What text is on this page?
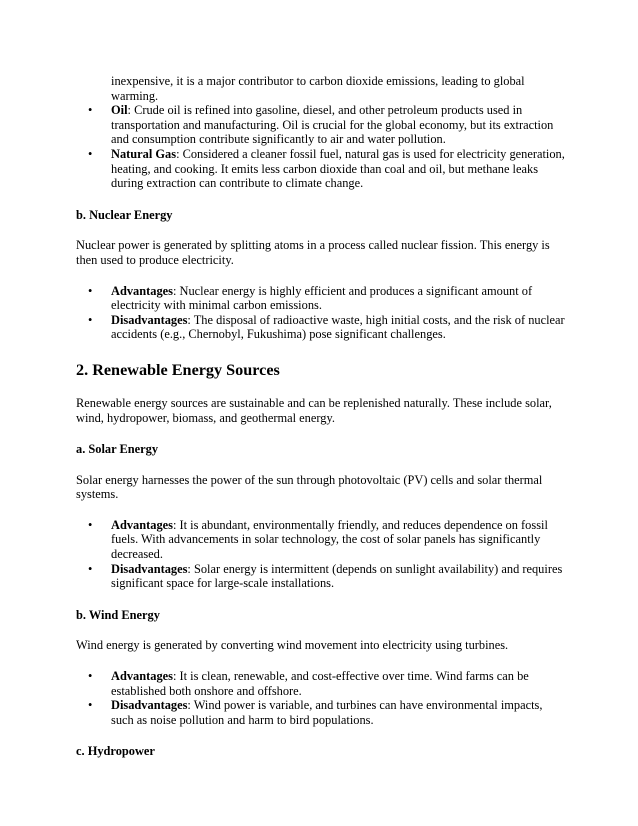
inexpensive, it is a major contributor to carbon dioxide emissions, leading to global warming.
• Oil: Crude oil is refined into gasoline, diesel, and other petroleum products used in transportation and manufacturing. Oil is crucial for the global economy, but its extraction and consumption contribute significantly to air and water pollution.
• Natural Gas: Considered a cleaner fossil fuel, natural gas is used for electricity generation, heating, and cooking. It emits less carbon dioxide than coal and oil, but methane leaks during extraction can contribute to climate change.
b. Nuclear Energy

Nuclear power is generated by splitting atoms in a process called nuclear fission. This energy is then used to produce electricity.

• Advantages: Nuclear energy is highly efficient and produces a significant amount of electricity with minimal carbon emissions.
• Disadvantages: The disposal of radioactive waste, high initial costs, and the risk of nuclear accidents (e.g., Chernobyl, Fukushima) pose significant challenges.
2. Renewable Energy Sources

Renewable energy sources are sustainable and can be replenished naturally. These include solar, wind, hydropower, biomass, and geothermal energy.

a. Solar Energy

Solar energy harnesses the power of the sun through photovoltaic (PV) cells and solar thermal systems.

• Advantages: It is abundant, environmentally friendly, and reduces dependence on fossil fuels. With advancements in solar technology, the cost of solar panels has significantly decreased.
• Disadvantages: Solar energy is intermittent (depends on sunlight availability) and requires significant space for large-scale installations.
b. Wind Energy

Wind energy is generated by converting wind movement into electricity using turbines.

• Advantages: It is clean, renewable, and cost-effective over time. Wind farms can be established both onshore and offshore.
• Disadvantages: Wind power is variable, and turbines can have environmental impacts, such as noise pollution and harm to bird populations.
c. Hydropower
